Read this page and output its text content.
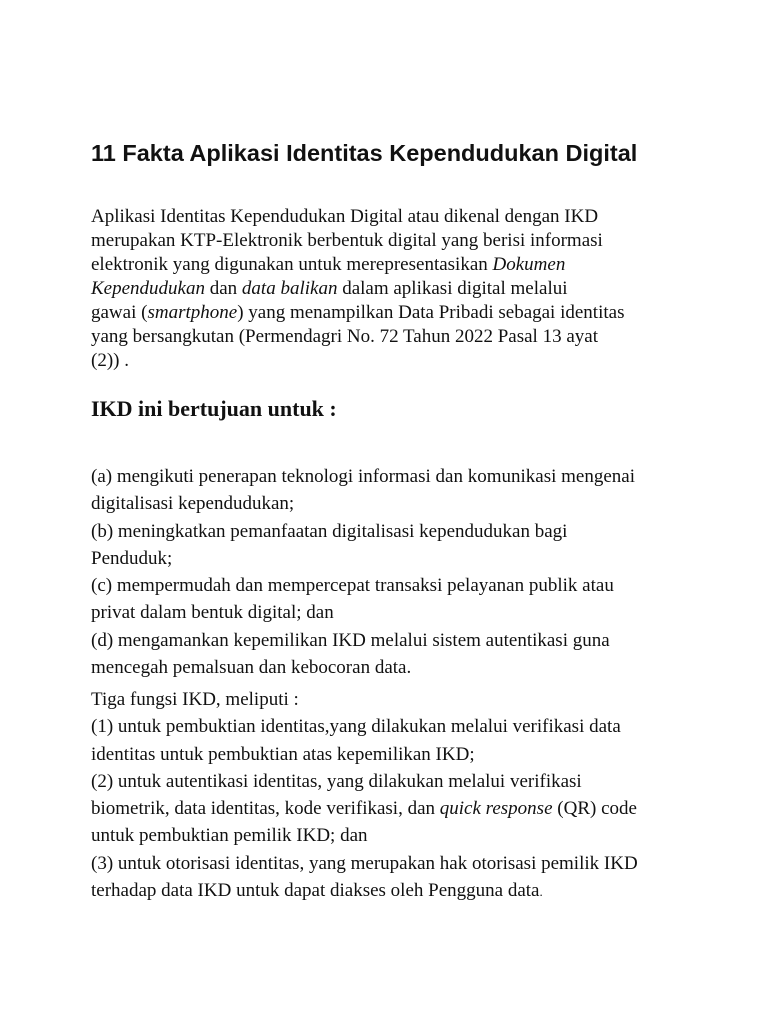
11 Fakta Aplikasi Identitas Kependudukan Digital

Aplikasi Identitas Kependudukan Digital atau dikenal dengan IKD
merupakan KTP-Elektronik berbentuk digital yang berisi informasi
elektronik yang digunakan untuk merepresentasikan Dokumen
Kependudukan dan data balikan dalam aplikasi digital melalui
gawai (smartphone) yang menampilkan Data Pribadi sebagai identitas
yang bersangkutan (Permendagri No. 72 Tahun 2022 Pasal 13 ayat
(2)) .

IKD ini bertujuan untuk :
(a) mengikuti penerapan teknologi informasi dan komunikasi mengenai
digitalisasi kependudukan;
(b) meningkatkan pemanfaatan digitalisasi kependudukan bagi
Penduduk;
(c) mempermudah dan mempercepat transaksi pelayanan publik atau
privat dalam bentuk digital; dan
(d) mengamankan kepemilikan IKD melalui sistem autentikasi guna
mencegah pemalsuan dan kebocoran data.
Tiga fungsi IKD, meliputi :
(1) untuk pembuktian identitas,yang dilakukan melalui verifikasi data
identitas untuk pembuktian atas kepemilikan IKD;
(2) untuk autentikasi identitas, yang dilakukan melalui verifikasi
biometrik, data identitas, kode verifikasi, dan quick response (QR) code
untuk pembuktian pemilik IKD; dan
(3) untuk otorisasi identitas, yang merupakan hak otorisasi pemilik IKD
terhadap data IKD untuk dapat diakses oleh Pengguna data.
